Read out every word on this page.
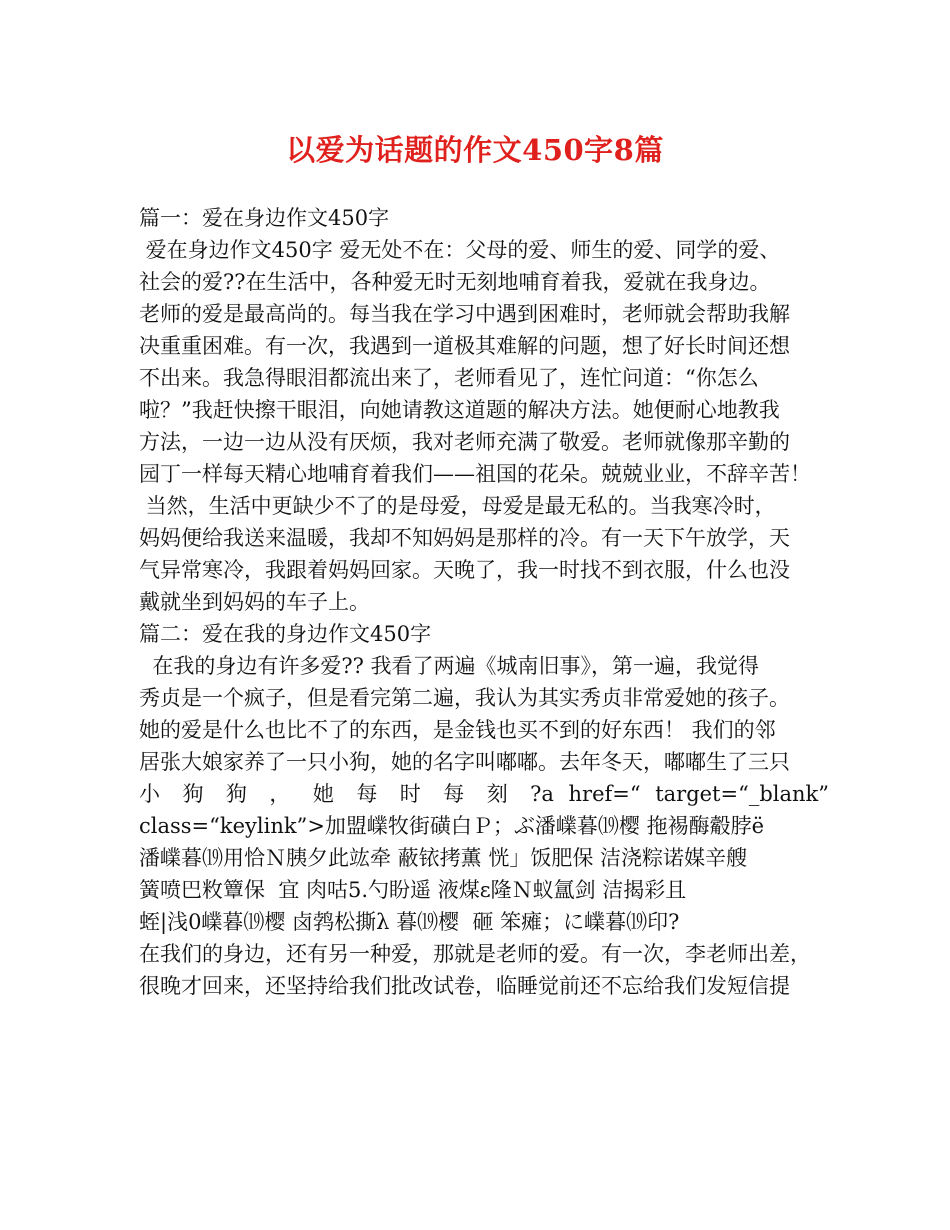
以爱为话题的作文450字8篇
篇一：爱在身边作文450字
爱在身边作文450字 爱无处不在：父母的爱、师生的爱、同学的爱、
社会的爱??在生活中，各种爱无时无刻地哺育着我，爱就在我身边。
老师的爱是最高尚的。每当我在学习中遇到困难时，老师就会帮助我解
决重重困难。有一次，我遇到一道极其难解的问题，想了好长时间还想
不出来。我急得眼泪都流出来了，老师看见了，连忙问道：“你怎么
啦？”我赶快擦干眼泪，向她请教这道题的解决方法。她便耐心地教我
方法，一边一边从没有厌烦，我对老师充满了敬爱。老师就像那辛勤的
园丁一样每天精心地哺育着我们——祖国的花朵。兢兢业业，不辞辛苦！
当然，生活中更缺少不了的是母爱，母爱是最无私的。当我寒冷时，
妈妈便给我送来温暖，我却不知妈妈是那样的冷。有一天下午放学，天
气异常寒冷，我跟着妈妈回家。天晚了，我一时找不到衣服，什么也没
戴就坐到妈妈的车子上。
篇二：爱在我的身边作文450字
在我的身边有许多爱?? 我看了两遍《城南旧事》，第一遍，我觉得
秀贞是一个疯子，但是看完第二遍，我认为其实秀贞非常爱她的孩子。
她的爱是什么也比不了的东西，是金钱也买不到的好东西！ 我们的邻
居张大娘家养了一只小狗，她的名字叫嘟嘟。去年冬天，嘟嘟生了三只
小 狗 狗 ， 她 每 时 每 刻 ?a href=“ target=“_blank”
class=“keylink”>加盟嶫牧街磺白Ｐ；ぶ潘嶫暮⒆樱 拖裼酶觳脖ё
潘嶫暮⒆用恰Ｎ胰夕此竑牵 蔽铱拷薫 恍」饭肥保 洁浇粽诺媒辛艘
簧喷巴敉簟保  宜 肉咕5.勺盼遥 液煤ε隆Ｎ蚁氲剑 洁揭彩且
蛭|浅0嶫暮⒆樱 卤鹁松撕λ 暮⒆樱  砸 笨瘫；に嶫暮⒆印?
在我们的身边，还有另一种爱，那就是老师的爱。有一次，李老师出差，
很晚才回来，还坚持给我们批改试卷，临睡觉前还不忘给我们发短信提
